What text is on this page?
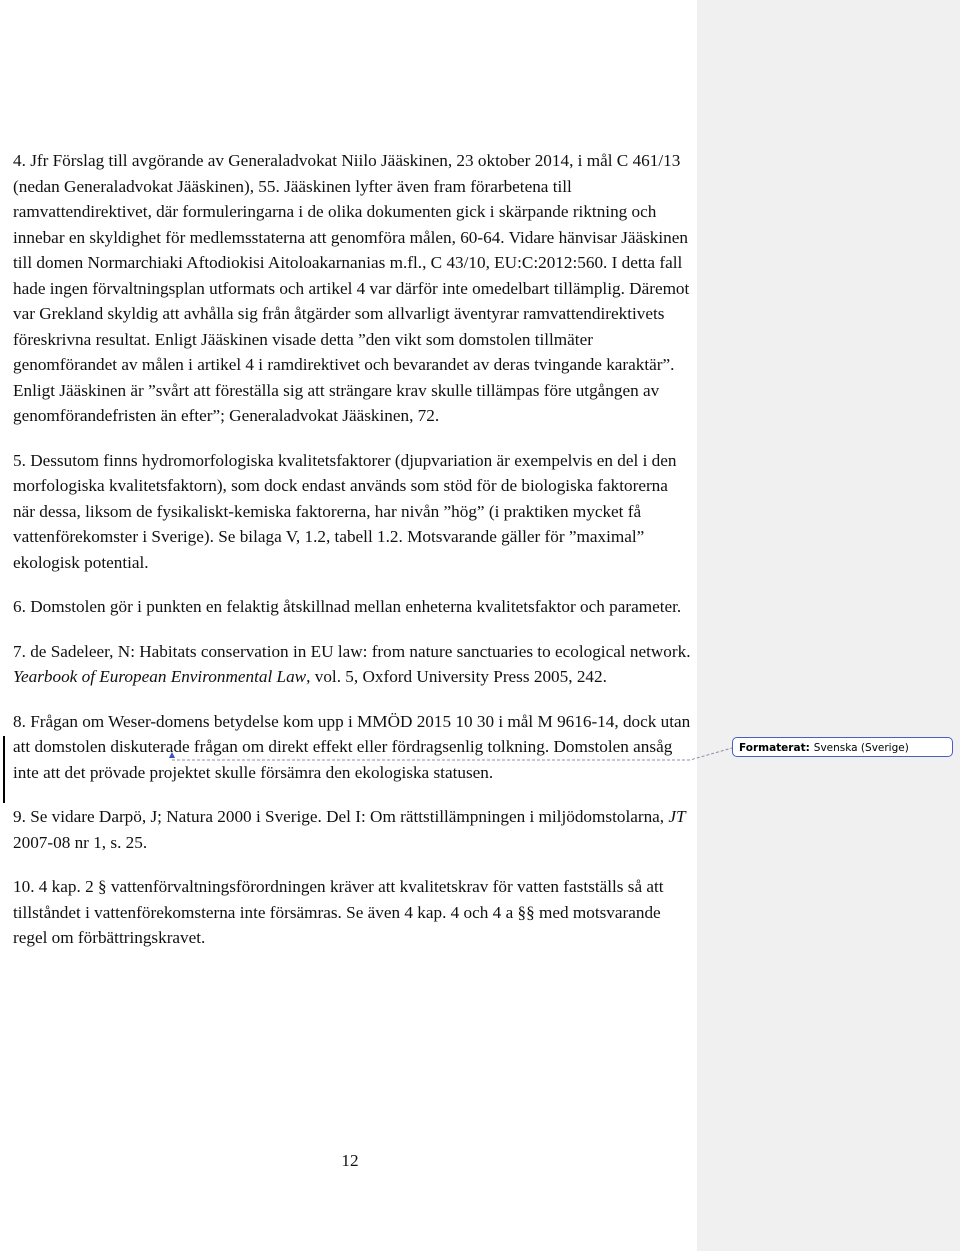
4. Jfr Förslag till avgörande av Generaladvokat Niilo Jääskinen, 23 oktober 2014, i mål C 461/13 (nedan Generaladvokat Jääskinen), 55. Jääskinen lyfter även fram förarbetena till ramvattendirektivet, där formuleringarna i de olika dokumenten gick i skärpande riktning och innebar en skyldighet för medlemsstaterna att genomföra målen, 60-64. Vidare hänvisar Jääskinen till domen Normarchiaki Aftodiokisi Aitoloakarnanias m.fl., C 43/10, EU:C:2012:560. I detta fall hade ingen förvaltningsplan utformats och artikel 4 var därför inte omedelbart tillämplig. Däremot var Grekland skyldig att avhålla sig från åtgärder som allvarligt äventyrar ramvattendirektivets föreskrivna resultat. Enligt Jääskinen visade detta ”den vikt som domstolen tillmäter genomförandet av målen i artikel 4 i ramdirektivet och bevarandet av deras tvingande karaktär”. Enligt Jääskinen är ”svårt att föreställa sig att strängare krav skulle tillämpas före utgången av genomförandefristen än efter”; Generaladvokat Jääskinen, 72.

5. Dessutom finns hydromorfologiska kvalitetsfaktorer (djupvariation är exempelvis en del i den morfologiska kvalitetsfaktorn), som dock endast används som stöd för de biologiska faktorerna när dessa, liksom de fysikaliskt-kemiska faktorerna, har nivån ”hög” (i praktiken mycket få vattenförekomster i Sverige). Se bilaga V, 1.2, tabell 1.2. Motsvarande gäller för ”maximal” ekologisk potential.

6. Domstolen gör i punkten en felaktig åtskillnad mellan enheterna kvalitetsfaktor och parameter.

7. de Sadeleer, N: Habitats conservation in EU law: from nature sanctuaries to ecological network. Yearbook of European Environmental Law, vol. 5, Oxford University Press 2005, 242.

8. Frågan om Weser-domens betydelse kom upp i MMÖD 2015 10 30 i mål M 9616-14, dock utan att domstolen diskuterade frågan om direkt effekt eller fördragsenlig tolkning. Domstolen ansåg inte att det prövade projektet skulle försämra den ekologiska statusen.

9. Se vidare Darpö, J; Natura 2000 i Sverige. Del I: Om rättstillämpningen i miljödomstolarna, JT 2007-08 nr 1, s. 25.

10. 4 kap. 2 § vattenförvaltningsförordningen kräver att kvalitetskrav för vatten fastställs så att tillståndet i vattenförekomsterna inte försämras. Se även 4 kap. 4 och 4 a §§ med motsvarande regel om förbättringskravet.

Formaterat: Svenska (Sverige)
12
